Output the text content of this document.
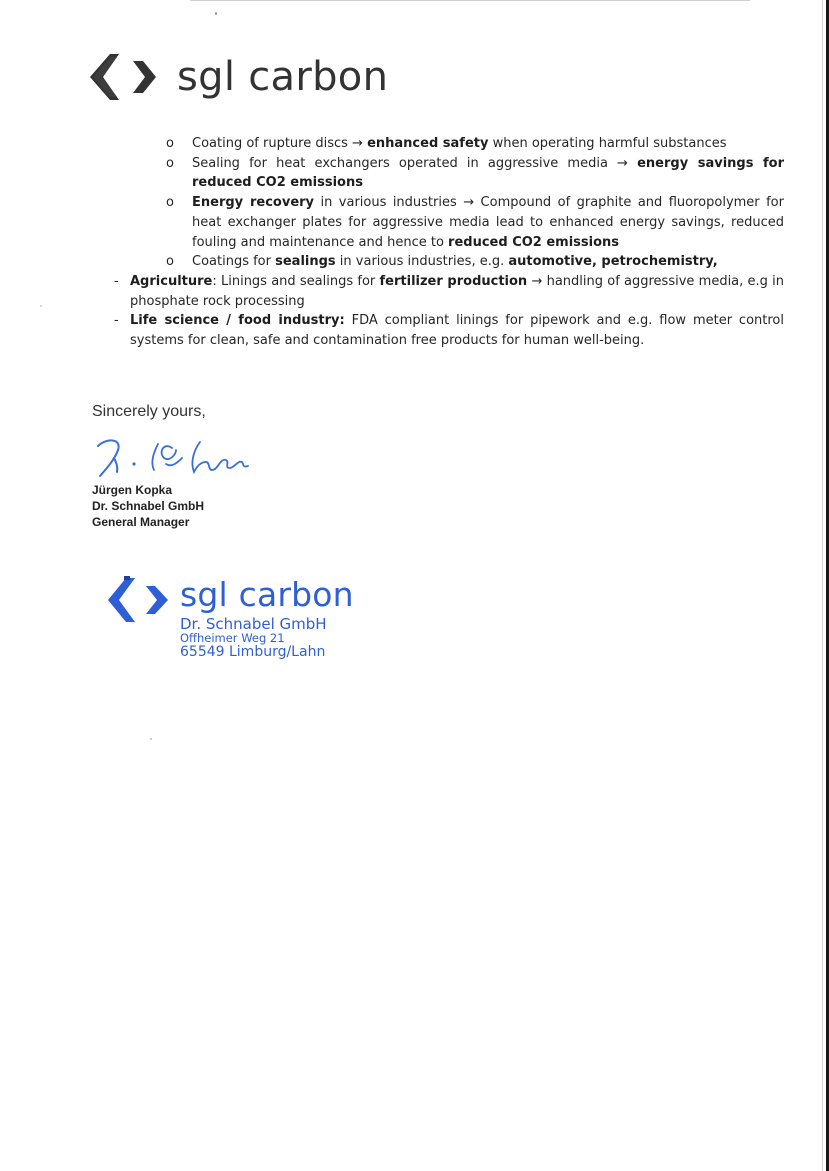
sgl carbon
o Coating of rupture discs → enhanced safety when operating harmful substances
o Sealing for heat exchangers operated in aggressive media → energy savings for reduced CO2 emissions
o Energy recovery in various industries → Compound of graphite and fluoropolymer for heat exchanger plates for aggressive media lead to enhanced energy savings, reduced fouling and maintenance and hence to reduced CO2 emissions
o Coatings for sealings in various industries, e.g. automotive, petrochemistry,
- Agriculture: Linings and sealings for fertilizer production → handling of aggressive media, e.g in phosphate rock processing
- Life science / food industry: FDA compliant linings for pipework and e.g. flow meter control systems for clean, safe and contamination free products for human well-being.
Sincerely yours,
Jürgen Kopka
Dr. Schnabel GmbH
General Manager
sgl carbon
Dr. Schnabel GmbH
Offheimer Weg 21
65549 Limburg/Lahn
